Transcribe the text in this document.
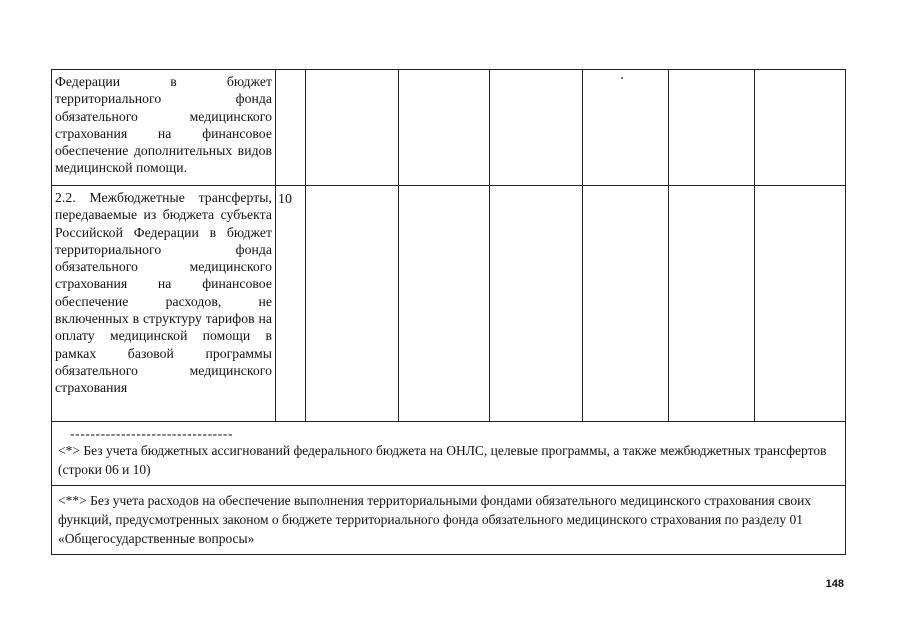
Федерации в бюджет территориального фонда обязательного медицинского страхования на финансовое обеспечение дополнительных видов медицинской помощи.							
2.2. Межбюджетные трансферты, передаваемые из бюджета субъекта Российской Федерации в бюджет территориального фонда обязательного медицинского страхования на финансовое обеспечение расходов, не включенных в структуру тарифов на оплату медицинской помощи в рамках базовой программы обязательного медицинского страхования	10						

--------------------------------
<*> Без учета бюджетных ассигнований федерального бюджета на ОНЛС, целевые программы, а также межбюджетных трансфертов (строки 06 и 10)							
<**> Без учета расходов на обеспечение выполнения территориальными фондами обязательного медицинского страхования своих функций, предусмотренных законом о бюджете территориального фонда обязательного медицинского страхования по разделу 01 «Общегосударственные вопросы»							
148
